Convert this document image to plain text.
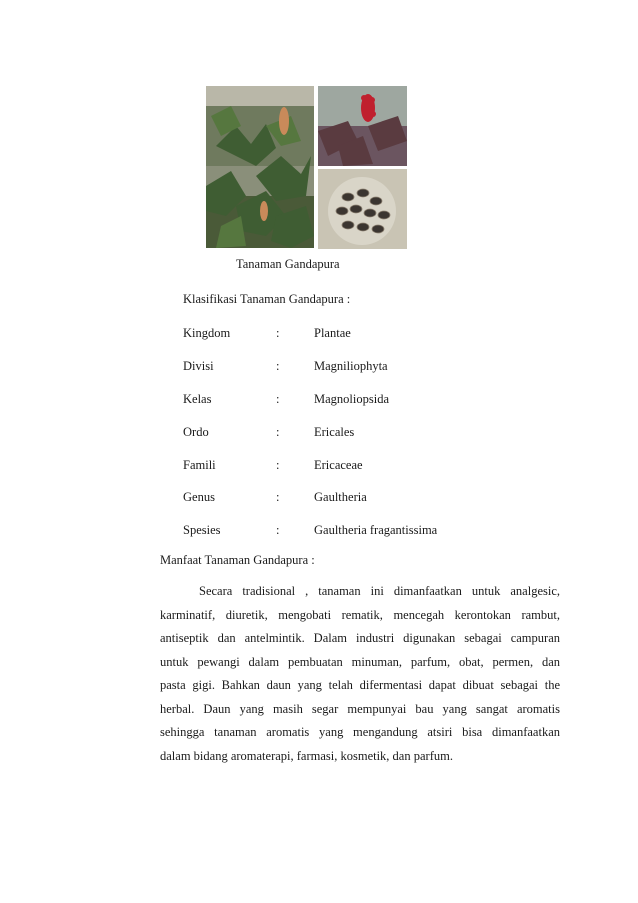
Tanaman Gandapura
Klasifikasi Tanaman Gandapura :
Kingdom	:	Plantae
Divisi	:	Magniliophyta
Kelas	:	Magnoliopsida
Ordo	:	Ericales
Famili	:	Ericaceae
Genus	:	Gaultheria
Spesies	:	Gaultheria fragantissima
Manfaat Tanaman Gandapura :
Secara tradisional , tanaman ini dimanfaatkan untuk analgesic,
karminatif, diuretik, mengobati rematik, mencegah kerontokan rambut,
antiseptik dan antelmintik. Dalam industri digunakan sebagai campuran
untuk pewangi dalam pembuatan minuman, parfum, obat, permen, dan
pasta gigi. Bahkan daun yang telah difermentasi dapat dibuat sebagai the
herbal. Daun yang masih segar mempunyai bau yang sangat aromatis
sehingga tanaman aromatis yang mengandung atsiri bisa dimanfaatkan
dalam bidang aromaterapi, farmasi, kosmetik, dan parfum.
